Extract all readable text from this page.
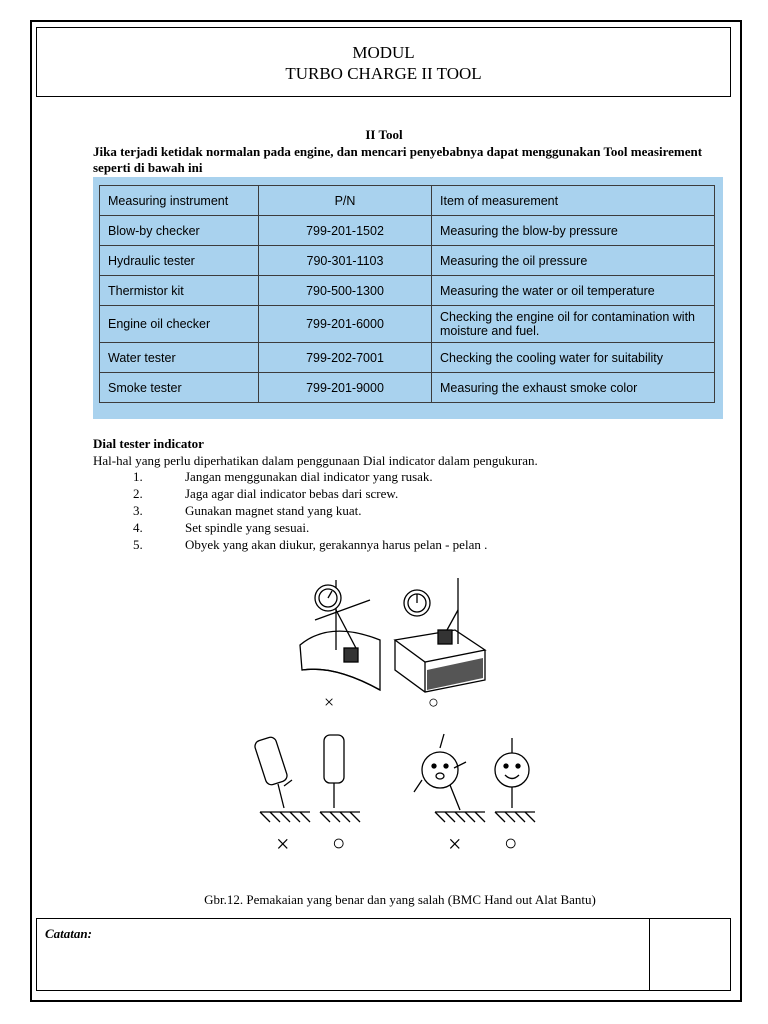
MODUL
TURBO CHARGE II TOOL
II Tool
Jika terjadi ketidak normalan pada engine, dan mencari penyebabnya dapat menggunakan Tool measirement seperti di bawah ini
Measuring instrument	P/N	Item of measurement
Blow-by checker	799-201-1502	Measuring the blow-by pressure
Hydraulic tester	790-301-1103	Measuring the oil pressure
Thermistor kit	790-500-1300	Measuring the water or oil temperature
Engine oil checker	799-201-6000	Checking the engine oil for contamination with moisture and fuel.
Water tester	799-202-7001	Checking the cooling water for suitability
Smoke tester	799-201-9000	Measuring the exhaust smoke color
Dial tester indicator
Hal-hal yang perlu diperhatikan dalam penggunaan Dial indicator dalam pengukuran.
1.	Jangan menggunakan dial indicator yang rusak.
2.	Jaga agar dial indicator bebas dari screw.
3.	Gunakan magnet stand yang kuat.
4.	Set spindle yang sesuai.
5.	Obyek yang akan diukur, gerakannya harus pelan - pelan .
×	○
× ○	× ○
Gbr.12. Pemakaian yang benar dan yang salah (BMC Hand out Alat Bantu)
Catatan:
